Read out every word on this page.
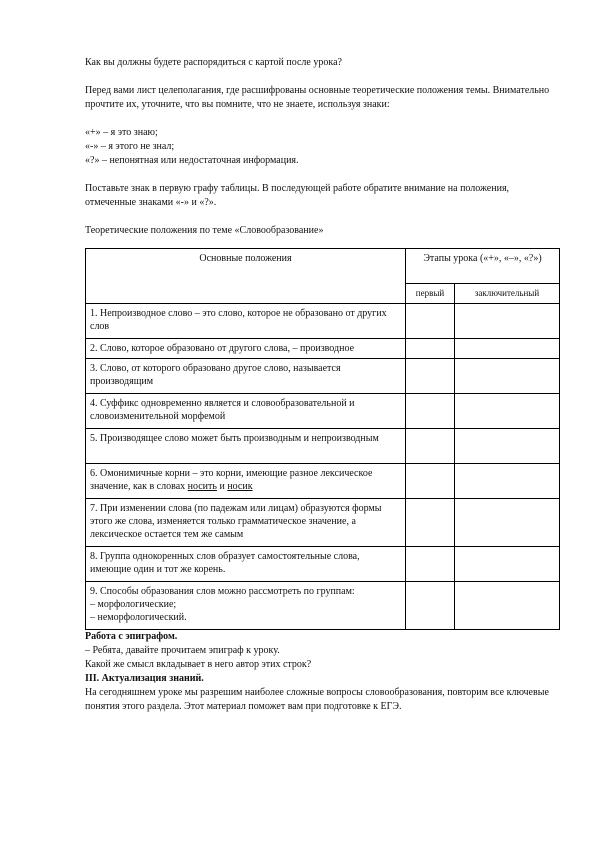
Как вы должны будете распорядиться с картой после урока?

Перед вами лист целеполагания, где расшифрованы основные теоретические положения темы. Внимательно прочтите их, уточните, что вы помните, что не знаете, используя знаки:

«+» – я это знаю;

«-» – я этого не знал;

«?» – непонятная или недостаточная информация.

Поставьте знак в первую графу таблицы. В последующей работе обратите внимание на положения, отмеченные знаками «-» и «?».

Теоретические положения по теме «Словообразование»

Основные положения	Этапы урока («+», «–», «?»)	
	первый	заключительный
1. Непроизводное слово – это слово, которое не образовано от других слов		
2. Слово, которое образовано от другого слова, – производное		
3. Слово, от которого образовано другое слово, называется производящим		
4. Суффикс одновременно является и словообразовательной и словоизменительной морфемой		
5. Производящее слово может быть производным и непроизводным		
6. Омонимичные корни – это корни, имеющие разное лексическое значение, как в словах носить и носик		
7. При изменении слова (по падежам или лицам) образуются формы этого же слова, изменяется только грамматическое значение, а лексическое остается тем же самым		
8. Группа однокоренных слов образует самостоятельные слова, имеющие один и тот же корень.		

9. Способы образования слов можно рассмотреть по группам:
– морфологические;
– неморфологический.		

Работа с эпиграфом.

– Ребята, давайте прочитаем эпиграф к уроку.

Какой же смысл вкладывает в него автор этих строк?

III. Актуализация знаний.

На сегодняшнем уроке мы разрешим наиболее сложные вопросы словообразования, повторим все ключевые понятия этого раздела. Этот материал поможет вам при подготовке к ЕГЭ.
